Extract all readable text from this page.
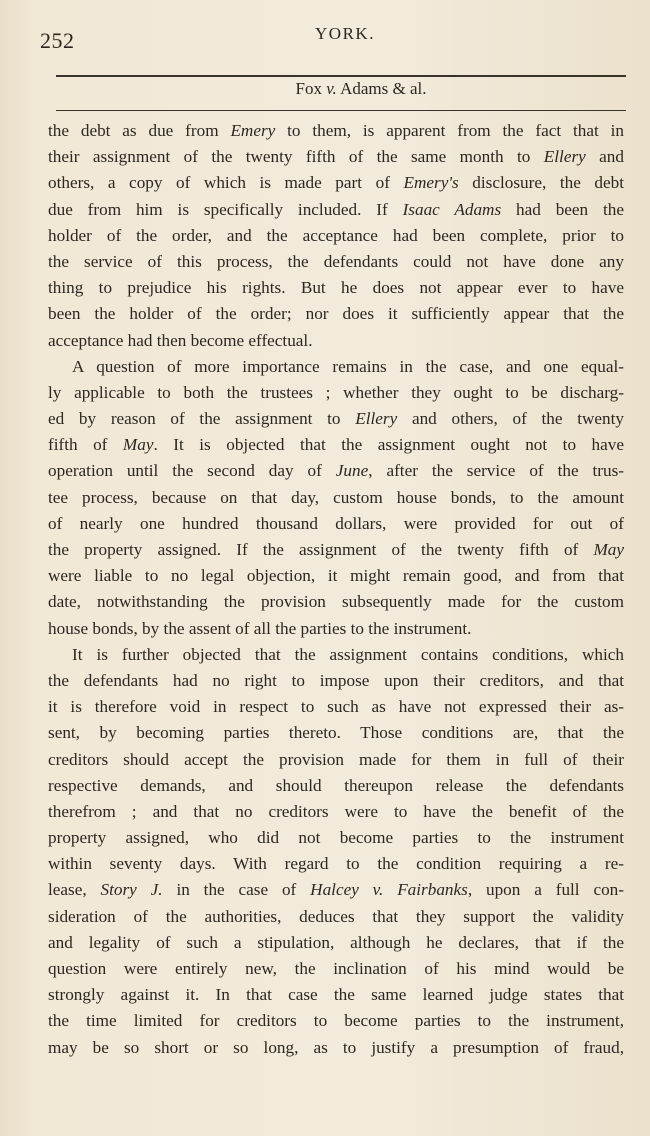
252	YORK.
Fox v. Adams & al.
the debt as due from Emery to them, is apparent from the fact that in
their assignment of the twenty fifth of the same month to Ellery and
others, a copy of which is made part of Emery's disclosure, the debt
due from him is specifically included. If Isaac Adams had been the
holder of the order, and the acceptance had been complete, prior to
the service of this process, the defendants could not have done any
thing to prejudice his rights. But he does not appear ever to have
been the holder of the order; nor does it sufficiently appear that the
acceptance had then become effectual.
A question of more importance remains in the case, and one equal-
ly applicable to both the trustees ; whether they ought to be discharg-
ed by reason of the assignment to Ellery and others, of the twenty
fifth of May. It is objected that the assignment ought not to have
operation until the second day of June, after the service of the trus-
tee process, because on that day, custom house bonds, to the amount
of nearly one hundred thousand dollars, were provided for out of
the property assigned. If the assignment of the twenty fifth of May
were liable to no legal objection, it might remain good, and from that
date, notwithstanding the provision subsequently made for the custom
house bonds, by the assent of all the parties to the instrument.
It is further objected that the assignment contains conditions, which
the defendants had no right to impose upon their creditors, and that
it is therefore void in respect to such as have not expressed their as-
sent, by becoming parties thereto. Those conditions are, that the
creditors should accept the provision made for them in full of their
respective demands, and should thereupon release the defendants
therefrom ; and that no creditors were to have the benefit of the
property assigned, who did not become parties to the instrument
within seventy days. With regard to the condition requiring a re-
lease, Story J. in the case of Halcey v. Fairbanks, upon a full con-
sideration of the authorities, deduces that they support the validity
and legality of such a stipulation, although he declares, that if the
question were entirely new, the inclination of his mind would be
strongly against it. In that case the same learned judge states that
the time limited for creditors to become parties to the instrument,
may be so short or so long, as to justify a presumption of fraud,
